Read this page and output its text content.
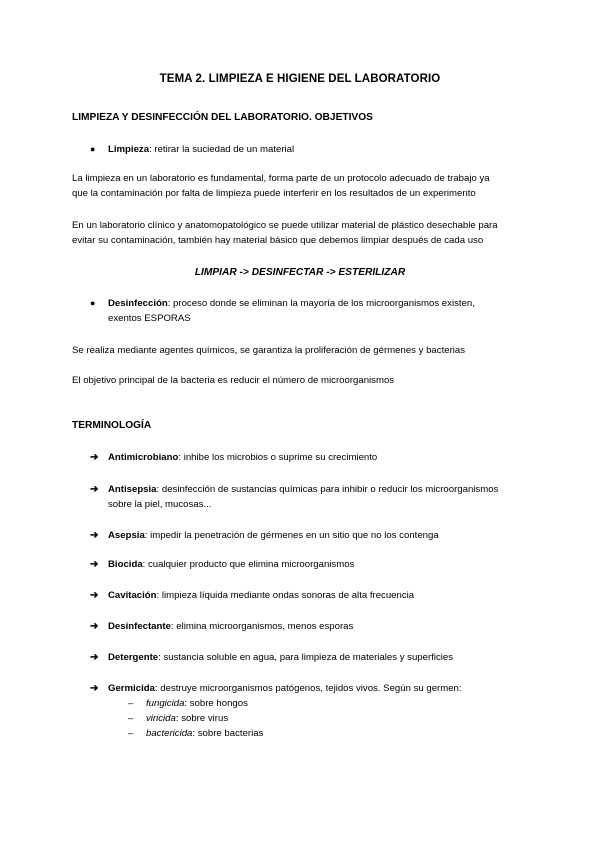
TEMA 2. LIMPIEZA E HIGIENE DEL LABORATORIO
LIMPIEZA Y DESINFECCIÓN DEL LABORATORIO. OBJETIVOS
● Limpieza: retirar la suciedad de un material
La limpieza en un laboratorio es fundamental, forma parte de un protocolo adecuado de trabajo ya
que la contaminación por falta de limpieza puede interferir en los resultados de un experimento
En un laboratorio clínico y anatomopatológico se puede utilizar material de plástico desechable para
evitar su contaminación, también hay material básico que debemos limpiar después de cada uso
LIMPIAR -> DESINFECTAR -> ESTERILIZAR
● Desinfección: proceso donde se eliminan la mayoría de los microorganismos existen,
exentos ESPORAS
Se realiza mediante agentes químicos, se garantiza la proliferación de gérmenes y bacterias
El objetivo principal de la bacteria es reducir el número de microorganismos
TERMINOLOGÍA
➔ Antimicrobiano: inhibe los microbios o suprime su crecimiento
➔ Antisepsia: desinfección de sustancias químicas para inhibir o reducir los microorganismos
sobre la piel, mucosas...
➔ Asepsia: impedir la penetración de gérmenes en un sitio que no los contenga
➔ Biocida: cualquier producto que elimina microorganismos
➔ Cavitación: limpieza líquida mediante ondas sonoras de alta frecuencia
➔ Desinfectante: elimina microorganismos, menos esporas
➔ Detergente: sustancia soluble en agua, para limpieza de materiales y superficies
➔ Germicida: destruye microorganismos patógenos, tejidos vivos. Según su germen:
– fungicida: sobre hongos
– viricida: sobre virus
– bactericida: sobre bacterias
